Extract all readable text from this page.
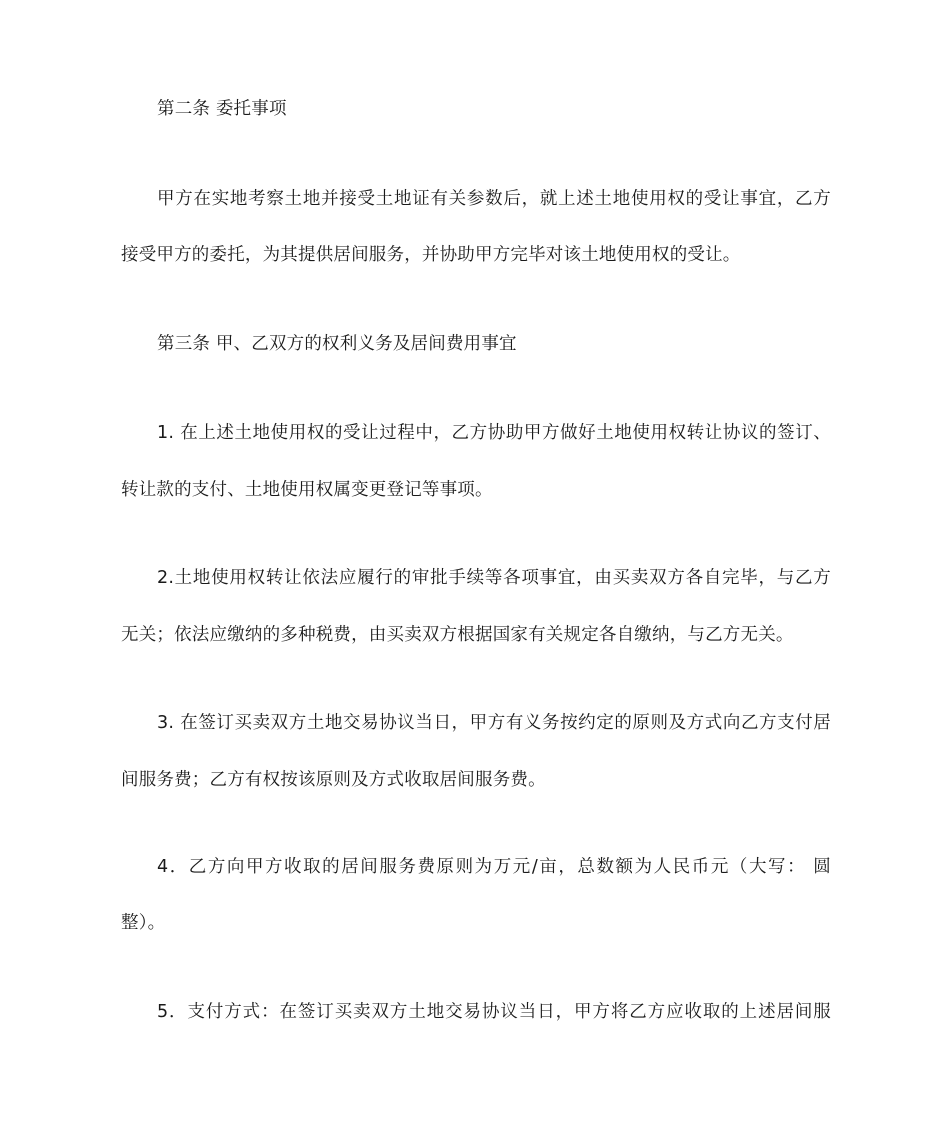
第二条 委托事项
甲方在实地考察土地并接受土地证有关参数后，就上述土地使用权的受让事宜，乙方
接受甲方的委托，为其提供居间服务，并协助甲方完毕对该土地使用权的受让。
第三条 甲、乙双方的权利义务及居间费用事宜
1. 在上述土地使用权的受让过程中，乙方协助甲方做好土地使用权转让协议的签订、
转让款的支付、土地使用权属变更登记等事项。
2.土地使用权转让依法应履行的审批手续等各项事宜，由买卖双方各自完毕，与乙方
无关；依法应缴纳的多种税费，由买卖双方根据国家有关规定各自缴纳，与乙方无关。
3. 在签订买卖双方土地交易协议当日，甲方有义务按约定的原则及方式向乙方支付居
间服务费；乙方有权按该原则及方式收取居间服务费。
4．乙方向甲方收取的居间服务费原则为万元/亩，总数额为人民币元（大写： 圆
整）。
5．支付方式：在签订买卖双方土地交易协议当日，甲方将乙方应收取的上述居间服
